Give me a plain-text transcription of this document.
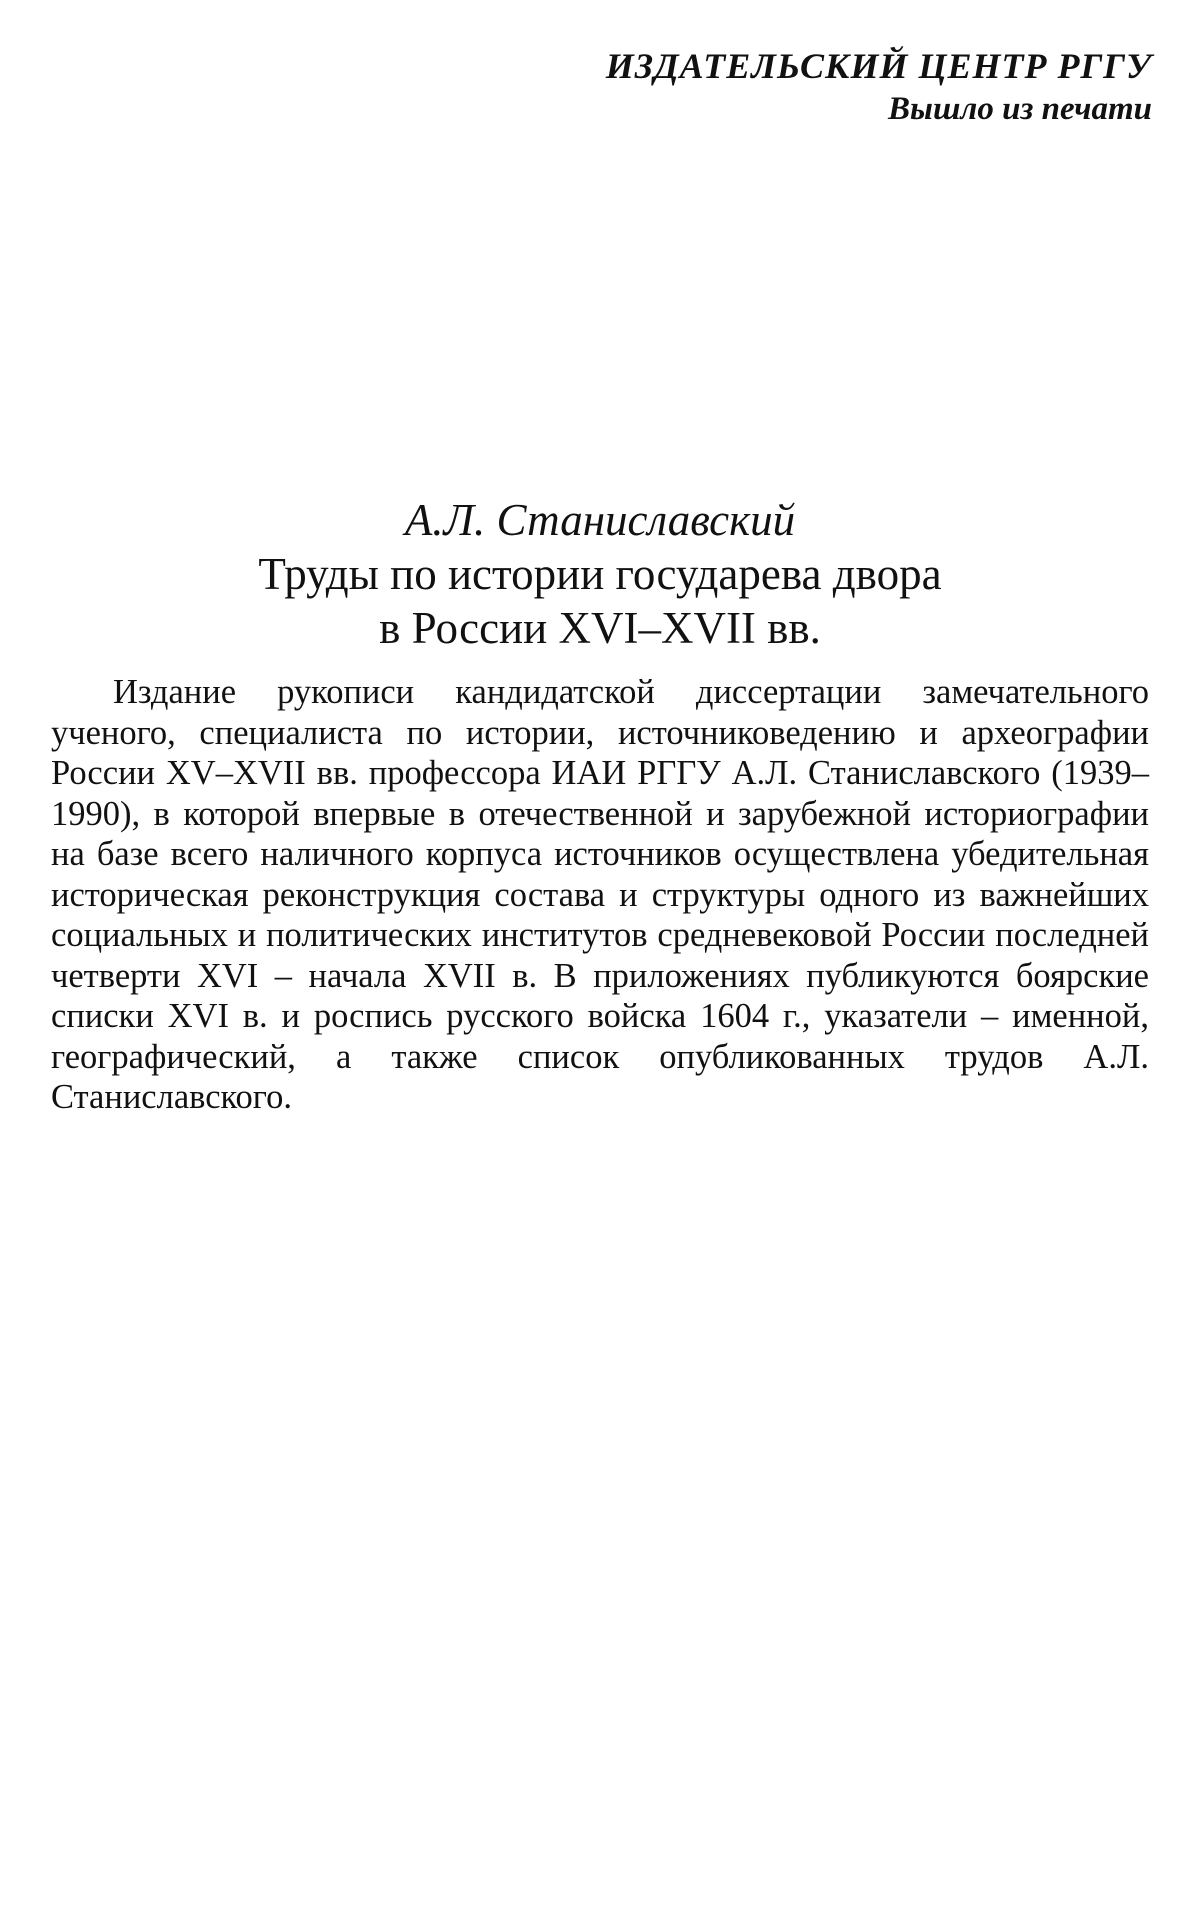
ИЗДАТЕЛЬСКИЙ ЦЕНТР РГГУ
Вышло из печати
А.Л. Станиславский
Труды по истории государева двора
в России XVI–XVII вв.

Издание рукописи кандидатской диссертации замечательного ученого, специалиста по истории, источниковедению и археографии России XV–XVII вв. профессора ИАИ РГГУ А.Л. Станиславского (1939–1990), в которой впервые в отечественной и зарубежной историографии на базе всего наличного корпуса источников осуществлена убедительная историческая реконструкция состава и структуры одного из важнейших социальных и политических институтов средневековой России последней четверти XVI – начала XVII в. В приложениях публикуются боярские списки XVI в. и роспись русского войска 1604 г., указатели – именной, географический, а также список опубликованных трудов А.Л. Станиславского.
